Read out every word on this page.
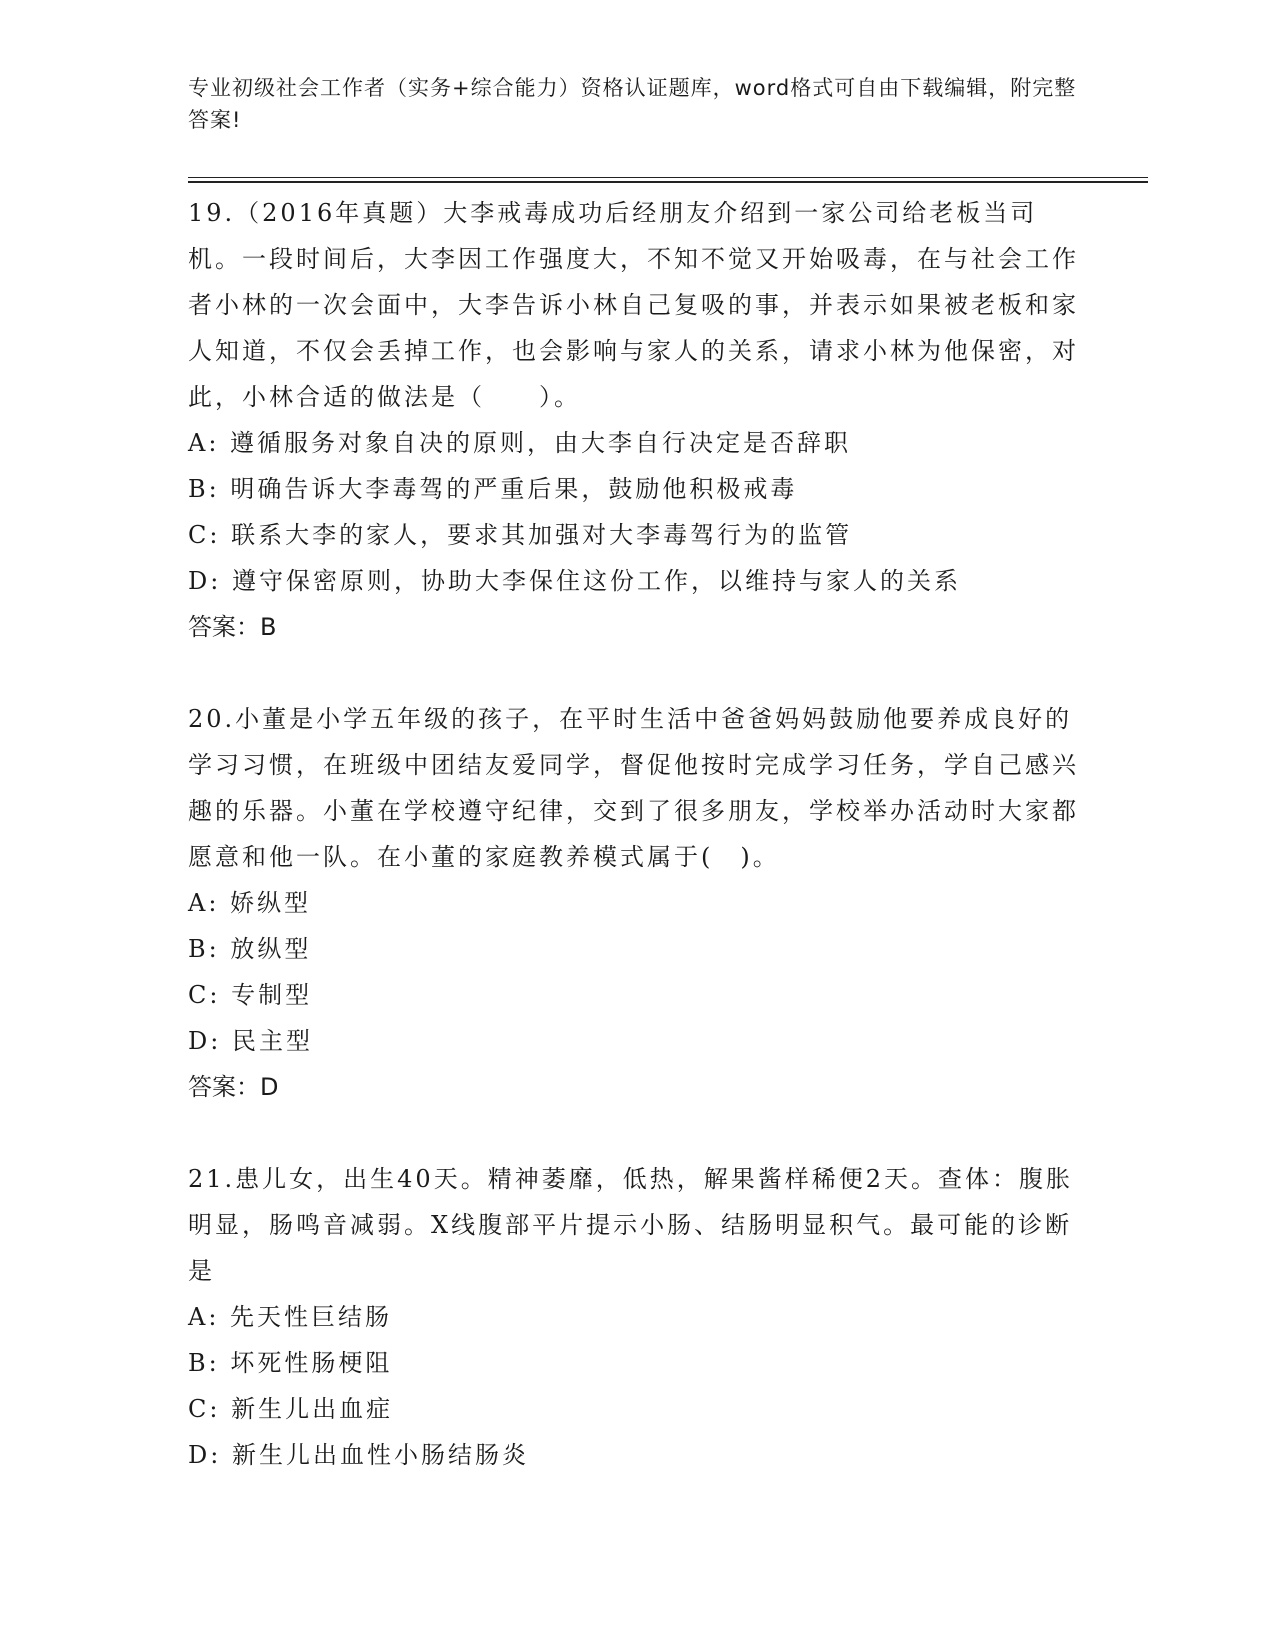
专业初级社会工作者（实务+综合能力）资格认证题库，word格式可自由下载编辑，附完整答案!

19.（2016年真题）大李戒毒成功后经朋友介绍到一家公司给老板当司机。一段时间后，大李因工作强度大，不知不觉又开始吸毒，在与社会工作者小林的一次会面中，大李告诉小林自己复吸的事，并表示如果被老板和家人知道，不仅会丢掉工作，也会影响与家人的关系，请求小林为他保密，对此，小林合适的做法是（　　）。

A: 遵循服务对象自决的原则，由大李自行决定是否辞职

B: 明确告诉大李毒驾的严重后果，鼓励他积极戒毒

C: 联系大李的家人，要求其加强对大李毒驾行为的监管

D: 遵守保密原则，协助大李保住这份工作，以维持与家人的关系

答案：B

20.小董是小学五年级的孩子，在平时生活中爸爸妈妈鼓励他要养成良好的学习习惯，在班级中团结友爱同学，督促他按时完成学习任务，学自己感兴趣的乐器。小董在学校遵守纪律，交到了很多朋友，学校举办活动时大家都愿意和他一队。在小董的家庭教养模式属于(　)。

A: 娇纵型

B: 放纵型

C: 专制型

D: 民主型

答案：D

21.患儿女，出生40天。精神萎靡，低热，解果酱样稀便2天。查体：腹胀明显，肠鸣音减弱。X线腹部平片提示小肠、结肠明显积气。最可能的诊断是

A: 先天性巨结肠

B: 坏死性肠梗阻

C: 新生儿出血症

D: 新生儿出血性小肠结肠炎
